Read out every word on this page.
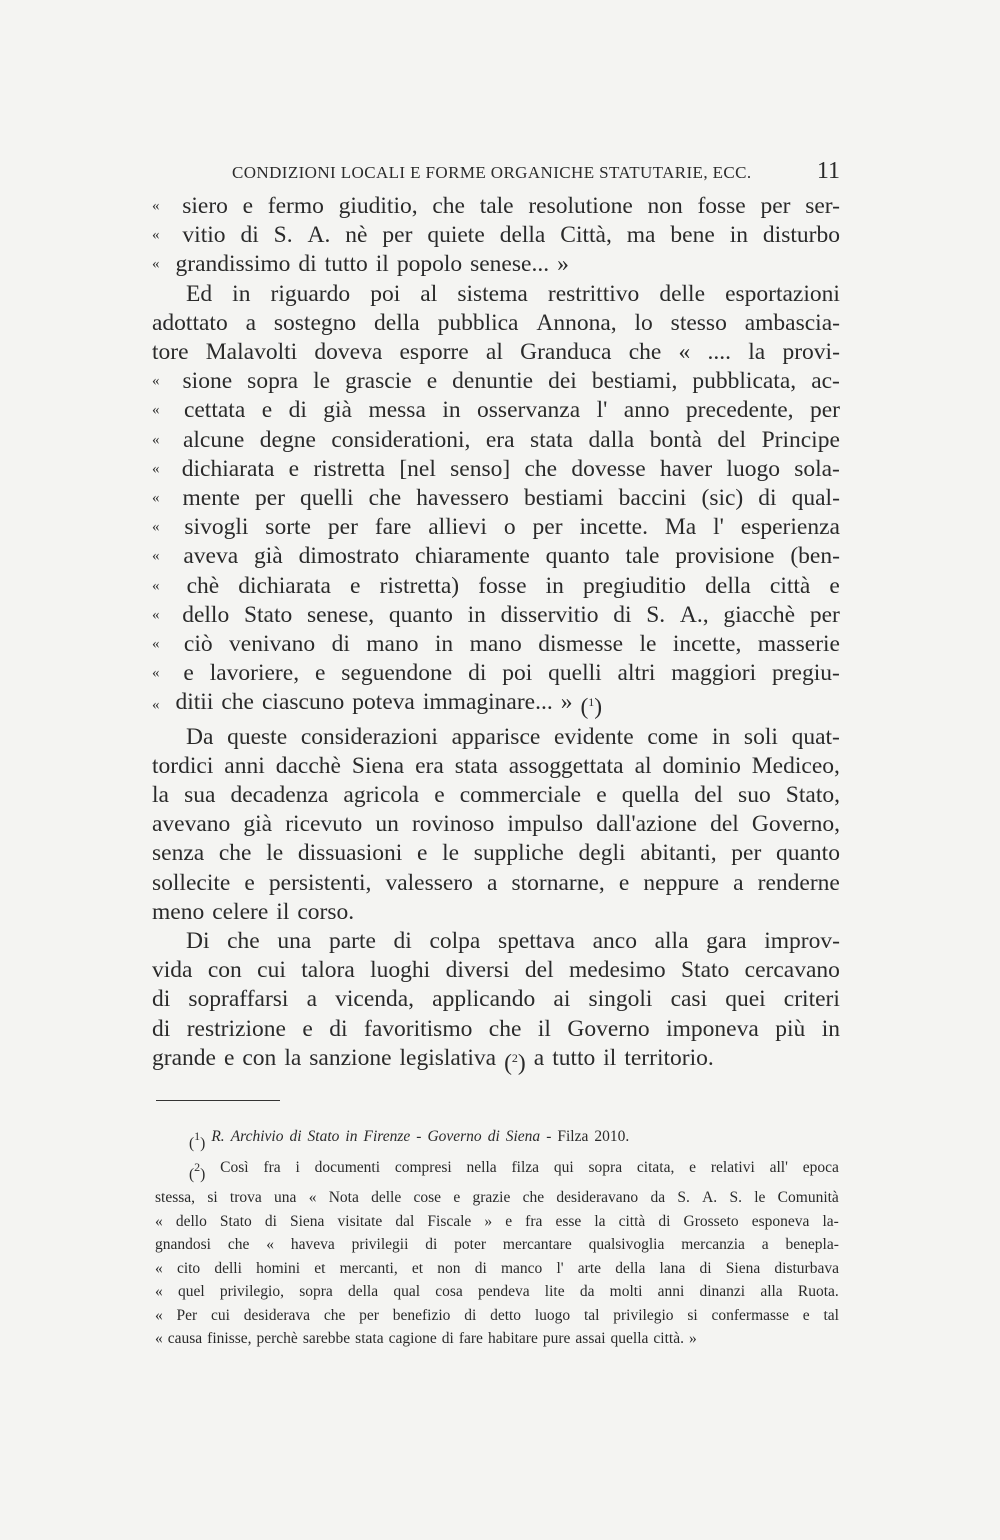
CONDIZIONI LOCALI E FORME ORGANICHE STATUTARIE, ECC.	11
« siero e fermo giuditio, che tale resolutione non fosse per ser-
« vitio di S. A. nè per quiete della Città, ma bene in disturbo
« grandissimo di tutto il popolo senese... »
Ed in riguardo poi al sistema restrittivo delle esportazioni
adottato a sostegno della pubblica Annona, lo stesso ambascia-
tore Malavolti doveva esporre al Granduca che « .... la provi-
« sione sopra le grascie e denuntie dei bestiami, pubblicata, ac-
« cettata e di già messa in osservanza l' anno precedente, per
« alcune degne considerationi, era stata dalla bontà del Principe
« dichiarata e ristretta [nel senso] che dovesse haver luogo sola-
« mente per quelli che havessero bestiami baccini (sic) di qual-
« sivogli sorte per fare allievi o per incette. Ma l' esperienza
« aveva già dimostrato chiaramente quanto tale provisione (ben-
« chè dichiarata e ristretta) fosse in pregiuditio della città e
« dello Stato senese, quanto in disservitio di S. A., giacchè per
« ciò venivano di mano in mano dismesse le incette, masserie
« e lavoriere, e seguendone di poi quelli altri maggiori pregiu-
« ditii che ciascuno poteva immaginare... » ($^1$)
Da queste considerazioni apparisce evidente come in soli quat-
tordici anni dacchè Siena era stata assoggettata al dominio Mediceo,
la sua decadenza agricola e commerciale e quella del suo Stato,
avevano già ricevuto un rovinoso impulso dall'azione del Governo,
senza che le dissuasioni e le suppliche degli abitanti, per quanto
sollecite e persistenti, valessero a stornarne, e neppure a renderne
meno celere il corso.
Di che una parte di colpa spettava anco alla gara improv-
vida con cui talora luoghi diversi del medesimo Stato cercavano
di sopraffarsi a vicenda, applicando ai singoli casi quei criteri
di restrizione e di favoritismo che il Governo imponeva più in
grande e con la sanzione legislativa ($^2$) a tutto il territorio.
($^1$) R. Archivio di Stato in Firenze - Governo di Siena - Filza 2010.
($^2$) Così fra i documenti compresi nella filza qui sopra citata, e relativi all' epoca
stessa, si trova una « Nota delle cose e grazie che desideravano da S. A. S. le Comunità
« dello Stato di Siena visitate dal Fiscale » e fra esse la città di Grosseto esponeva la-
gnandosi che « haveva privilegii di poter mercantare qualsivoglia mercanzia a benepla-
« cito delli homini et mercanti, et non di manco l' arte della lana di Siena disturbava
« quel privilegio, sopra della qual cosa pendeva lite da molti anni dinanzi alla Ruota.
« Per cui desiderava che per benefizio di detto luogo tal privilegio si confermasse e tal
« causa finisse, perchè sarebbe stata cagione di fare habitare pure assai quella città. »
